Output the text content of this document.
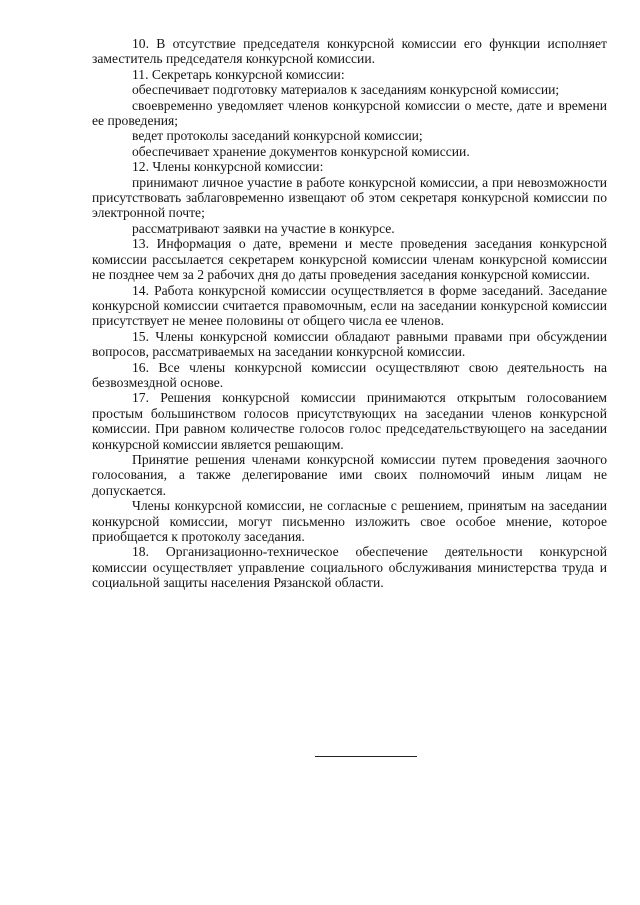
10. В отсутствие председателя конкурсной комиссии его функции исполняет заместитель председателя конкурсной комиссии.

11. Секретарь конкурсной комиссии:

обеспечивает подготовку материалов к заседаниям конкурсной комиссии;

своевременно уведомляет членов конкурсной комиссии о месте, дате и времени ее проведения;

ведет протоколы заседаний конкурсной комиссии;

обеспечивает хранение документов конкурсной комиссии.

12. Члены конкурсной комиссии:

принимают личное участие в работе конкурсной комиссии, а при невозможности присутствовать заблаговременно извещают об этом секретаря конкурсной комиссии по электронной почте;

рассматривают заявки на участие в конкурсе.

13. Информация о дате, времени и месте проведения заседания конкурсной комиссии рассылается секретарем конкурсной комиссии членам конкурсной комиссии не позднее чем за 2 рабочих дня до даты проведения заседания конкурсной комиссии.

14. Работа конкурсной комиссии осуществляется в форме заседаний. Заседание конкурсной комиссии считается правомочным, если на заседании конкурсной комиссии присутствует не менее половины от общего числа ее членов.

15. Члены конкурсной комиссии обладают равными правами при обсуждении вопросов, рассматриваемых на заседании конкурсной комиссии.

16. Все члены конкурсной комиссии осуществляют свою деятельность на безвозмездной основе.

17. Решения конкурсной комиссии принимаются открытым голосованием простым большинством голосов присутствующих на заседании членов конкурсной комиссии. При равном количестве голосов голос председательствующего на заседании конкурсной комиссии является решающим.

Принятие решения членами конкурсной комиссии путем проведения заочного голосования, а также делегирование ими своих полномочий иным лицам не допускается.

Члены конкурсной комиссии, не согласные с решением, принятым на заседании конкурсной комиссии, могут письменно изложить свое особое мнение, которое приобщается к протоколу заседания.

18. Организационно-техническое обеспечение деятельности конкурсной комиссии осуществляет управление социального обслуживания министерства труда и социальной защиты населения Рязанской области.
